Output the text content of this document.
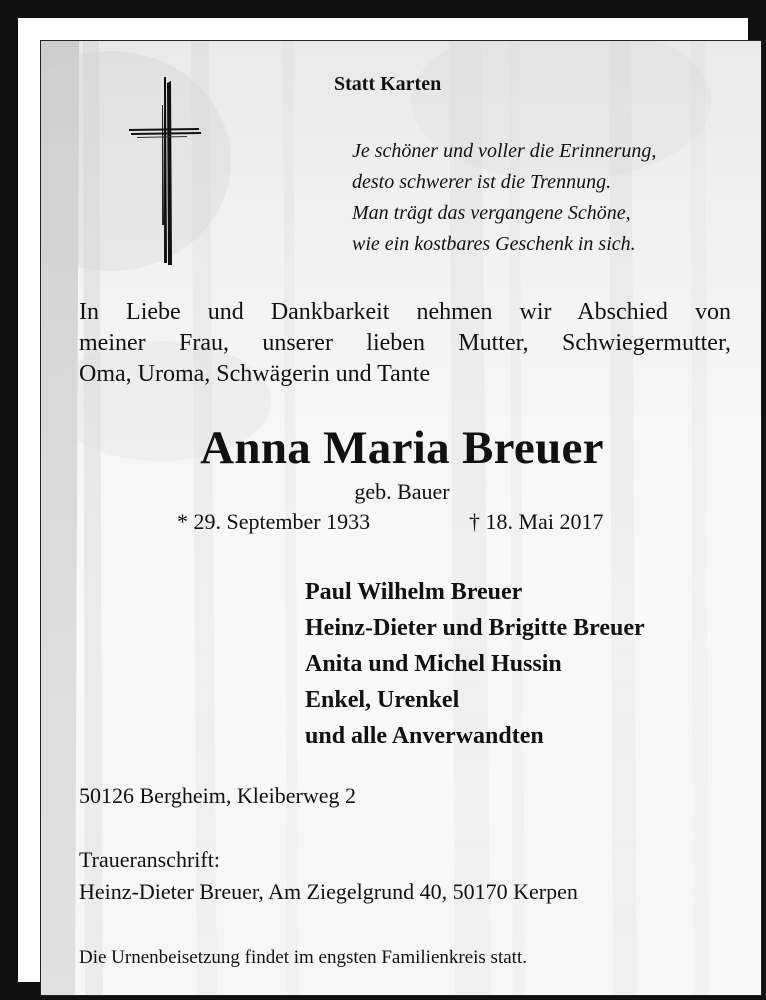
Statt Karten
Je schöner und voller die Erinnerung,
desto schwerer ist die Trennung.
Man trägt das vergangene Schöne,
wie ein kostbares Geschenk in sich.
In Liebe und Dankbarkeit nehmen wir Abschied von
meiner Frau, unserer lieben Mutter, Schwiegermutter,
Oma, Uroma, Schwägerin und Tante
Anna Maria Breuer
geb. Bauer
* 29. September 1933	† 18. Mai 2017
Paul Wilhelm Breuer
Heinz-Dieter und Brigitte Breuer
Anita und Michel Hussin
Enkel, Urenkel
und alle Anverwandten
50126 Bergheim, Kleiberweg 2
Traueranschrift:
Heinz-Dieter Breuer, Am Ziegelgrund 40, 50170 Kerpen
Die Urnenbeisetzung findet im engsten Familienkreis statt.
